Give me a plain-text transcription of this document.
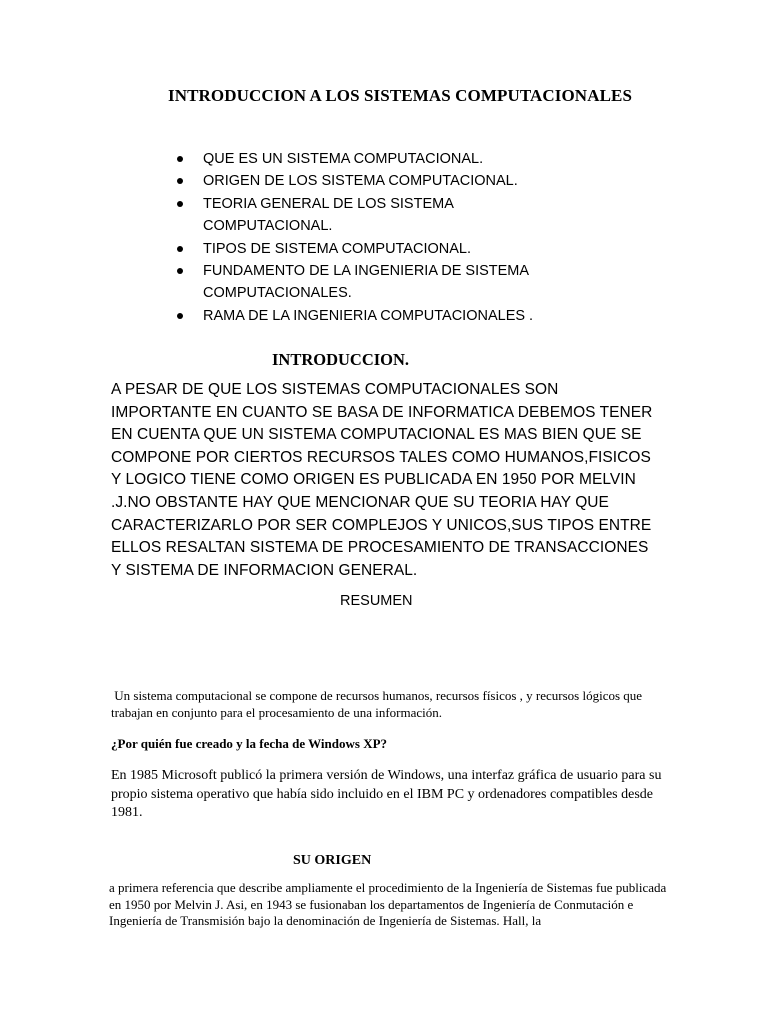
INTRODUCCION A LOS SISTEMAS COMPUTACIONALES
QUE ES UN SISTEMA COMPUTACIONAL.
ORIGEN DE LOS SISTEMA COMPUTACIONAL.
TEORIA GENERAL DE LOS SISTEMA COMPUTACIONAL.
TIPOS DE SISTEMA COMPUTACIONAL.
FUNDAMENTO DE LA INGENIERIA DE SISTEMA COMPUTACIONALES.
RAMA DE LA INGENIERIA COMPUTACIONALES .
INTRODUCCION.
A PESAR DE QUE LOS SISTEMAS COMPUTACIONALES SON IMPORTANTE EN CUANTO SE BASA DE INFORMATICA DEBEMOS TENER EN CUENTA QUE UN SISTEMA COMPUTACIONAL ES MAS BIEN QUE SE COMPONE POR CIERTOS RECURSOS TALES COMO HUMANOS,FISICOS Y LOGICO TIENE COMO ORIGEN ES PUBLICADA EN 1950 POR MELVIN .J.NO OBSTANTE HAY QUE MENCIONAR QUE SU TEORIA HAY QUE CARACTERIZARLO POR SER COMPLEJOS Y UNICOS,SUS TIPOS ENTRE ELLOS RESALTAN SISTEMA DE PROCESAMIENTO DE TRANSACCIONES Y SISTEMA DE INFORMACION GENERAL.
RESUMEN
Un sistema computacional se compone de recursos humanos, recursos físicos , y recursos lógicos que trabajan en conjunto para el procesamiento de una información.
¿Por quién fue creado y la fecha de Windows XP?
En 1985 Microsoft publicó la primera versión de Windows, una interfaz gráfica de usuario para su propio sistema operativo que había sido incluido en el IBM PC y ordenadores compatibles desde 1981.
SU ORIGEN
a primera referencia que describe ampliamente el procedimiento de la Ingeniería de Sistemas fue publicada en 1950 por Melvin J. Asi, en 1943 se fusionaban los departamentos de Ingeniería de Conmutación e Ingeniería de Transmisión bajo la denominación de Ingeniería de Sistemas. Hall, la
